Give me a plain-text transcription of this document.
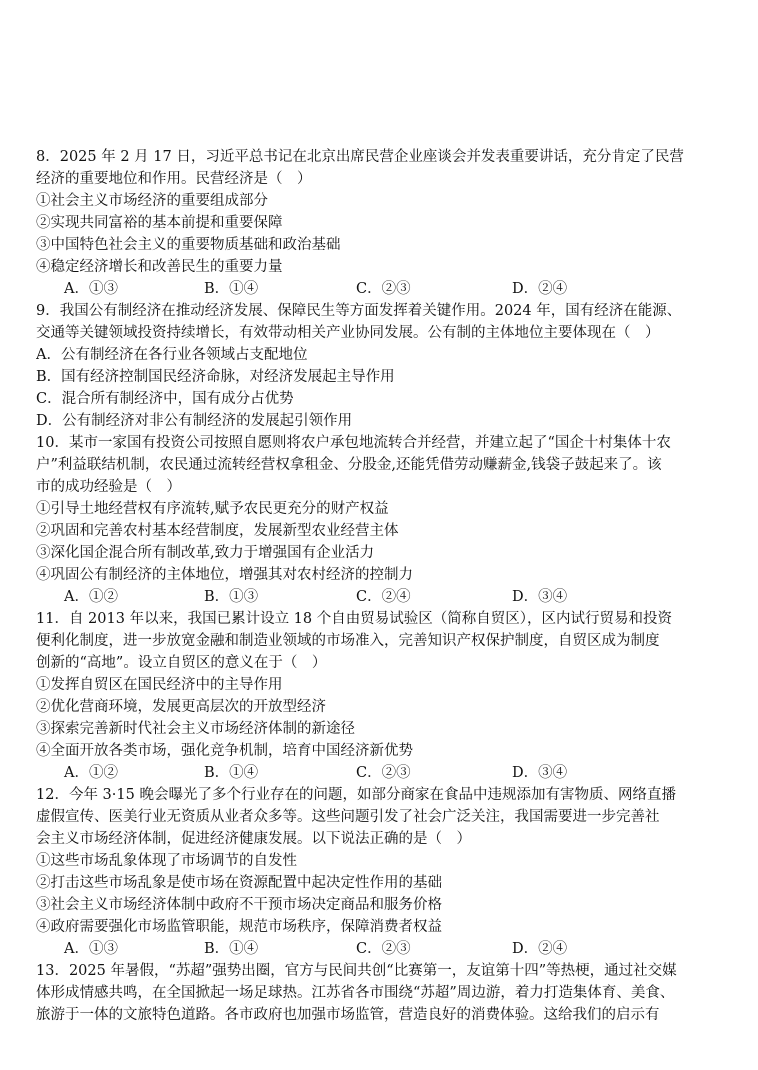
8．2025 年 2 月 17 日，习近平总书记在北京出席民营企业座谈会并发表重要讲话，充分肯定了民营
经济的重要地位和作用。民营经济是（　）
①社会主义市场经济的重要组成部分
②实现共同富裕的基本前提和重要保障
③中国特色社会主义的重要物质基础和政治基础
④稳定经济增长和改善民生的重要力量
A．①③	B．①④	C．②③	D．②④
9．我国公有制经济在推动经济发展、保障民生等方面发挥着关键作用。2024 年，国有经济在能源、
交通等关键领域投资持续增长，有效带动相关产业协同发展。公有制的主体地位主要体现在（　）
A．公有制经济在各行业各领域占支配地位
B．国有经济控制国民经济命脉，对经济发展起主导作用
C．混合所有制经济中，国有成分占优势
D．公有制经济对非公有制经济的发展起引领作用
10．某市一家国有投资公司按照自愿则将农户承包地流转合并经营，并建立起了“国企十村集体十农
户”利益联结机制，农民通过流转经营权拿租金、分股金,还能凭借劳动赚薪金,钱袋子鼓起来了。该
市的成功经验是（　）
①引导土地经营权有序流转,赋予农民更充分的财产权益
②巩固和完善农村基本经营制度，发展新型农业经营主体
③深化国企混合所有制改革,致力于增强国有企业活力
④巩固公有制经济的主体地位，增强其对农村经济的控制力
A．①②	B．①③	C．②④	D．③④
11．自 2013 年以来，我国已累计设立 18 个自由贸易试验区（简称自贸区），区内试行贸易和投资
便利化制度，进一步放宽金融和制造业领域的市场准入，完善知识产权保护制度，自贸区成为制度
创新的“高地”。设立自贸区的意义在于（　）
①发挥自贸区在国民经济中的主导作用
②优化营商环境，发展更高层次的开放型经济
③探索完善新时代社会主义市场经济体制的新途径
④全面开放各类市场，强化竞争机制，培育中国经济新优势
A．①②	B．①④	C．②③	D．③④
12．今年 3·15 晚会曝光了多个行业存在的问题，如部分商家在食品中违规添加有害物质、网络直播
虚假宣传、医美行业无资质从业者众多等。这些问题引发了社会广泛关注，我国需要进一步完善社
会主义市场经济体制，促进经济健康发展。以下说法正确的是（　）
①这些市场乱象体现了市场调节的自发性
②打击这些市场乱象是使市场在资源配置中起决定性作用的基础
③社会主义市场经济体制中政府不干预市场决定商品和服务价格
④政府需要强化市场监管职能，规范市场秩序，保障消费者权益
A．①③	B．①④	C．②③	D．②④
13．2025 年暑假，“苏超”强势出圈，官方与民间共创“比赛第一，友谊第十四”等热梗，通过社交媒
体形成情感共鸣，在全国掀起一场足球热。江苏省各市围绕“苏超”周边游，着力打造集体育、美食、
旅游于一体的文旅特色道路。各市政府也加强市场监管，营造良好的消费体验。这给我们的启示有
